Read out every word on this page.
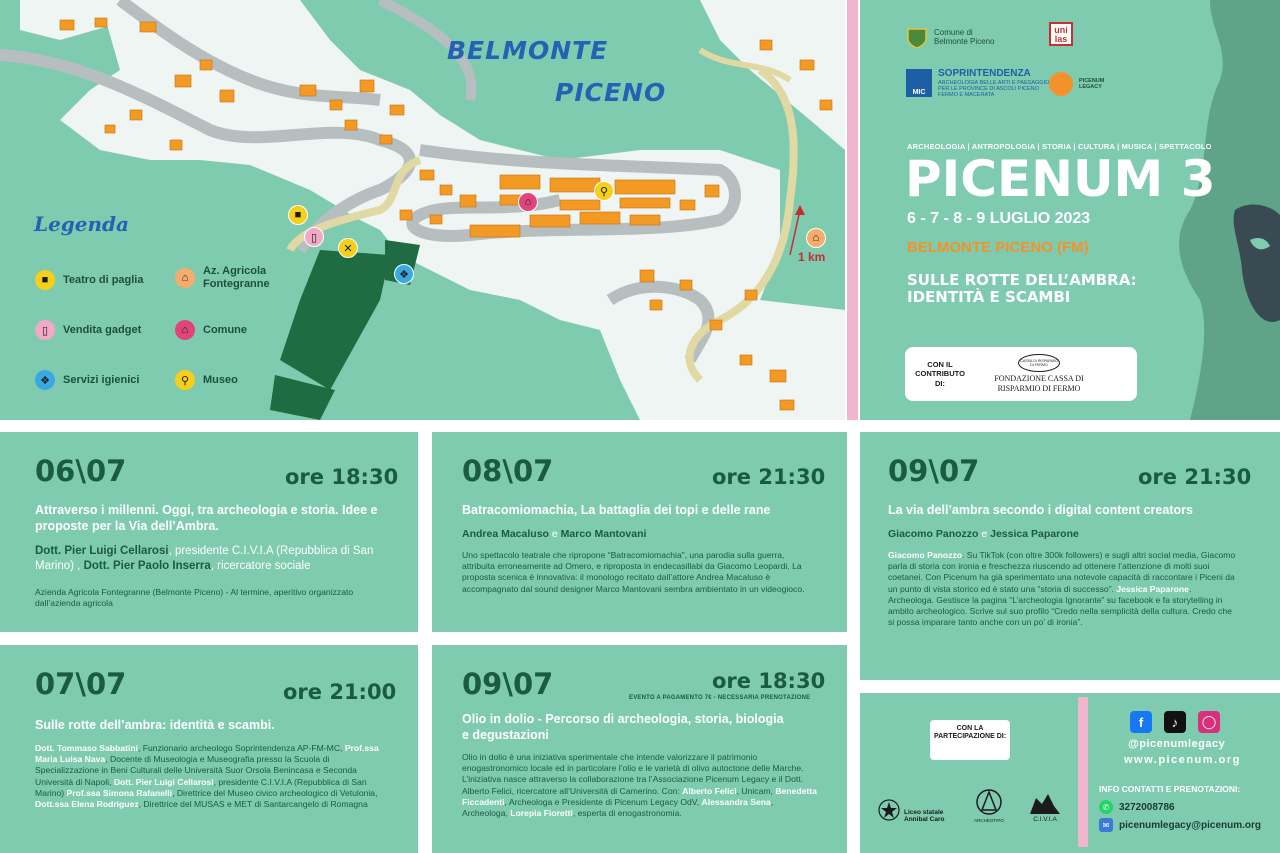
BELMONTE
PICENO
Legenda
■	Teatro di paglia	⌂
Az. Agricola Fontegranne
▯	Vendita gadget	⌂	Comune
❖	Servizi igienici	⚲	Museo
■
▯
✕
❖
⌂
⚲
⌂
1 km
Comune di Belmonte Piceno
uni las
MIC
SOPRINTENDENZA
ARCHEOLOGIA BELLE ARTI E PAESAGGIO PER LE PROVINCE DI ASCOLI PICENO FERMO E MACERATA
PICENUM LEGACY
ARCHEOLOGIA | ANTROPOLOGIA | STORIA | CULTURA | MUSICA | SPETTACOLO
PICENUM 3
6 - 7 - 8 - 9 LUGLIO 2023
BELMONTE PICENO (FM)
SULLE ROTTE DELL’AMBRA:
IDENTITÀ E SCAMBI
CON IL CONTRIBUTO DI:
CASSA DI RISPARMIO DI FERMO
FONDAZIONE CASSA DI RISPARMIO DI FERMO
06\07	ore 18:30
Attraverso i millenni. Oggi, tra archeologia e storia. Idee e proposte per la Via dell’Ambra.
Dott. Pier Luigi Cellarosi, presidente C.I.V.I.A (Repubblica di San Marino) , Dott. Pier Paolo Inserra, ricercatore sociale
Azienda Agricola Fontegranne (Belmonte Piceno) - Al termine, aperitivo organizzato dall’azienda agricola
07\07	ore 21:00
Sulle rotte dell’ambra: identità e scambi.
Dott. Tommaso Sabbatini, Funzionario archeologo Soprintendenza AP-FM-MC, Prof.ssa Maria Luisa Nava, Docente di Museologia e Museografia presso la Scuola di Specializzazione in Beni Culturali delle Università Suor Orsola Benincasa e Seconda Università di Napoli, Dott. Pier Luigi Cellarosi, presidente C.I.V.I.A (Repubblica di San Marino) Prof.ssa Simona Rafanelli, Direttrice del Museo civico archeologico di Vetulonia, Dott.ssa Elena Rodriguez, Direttrice del MUSAS e MET di Santarcangelo di Romagna
08\07	ore 21:30
Batracomiomachia, La battaglia dei topi e delle rane
Andrea Macaluso e Marco Mantovani
Uno spettacolo teatrale che ripropone “Batracomiomachia”, una parodia sulla guerra, attribuita erroneamente ad Omero, e riproposta in endecasillabi da Giacomo Leopardi. La proposta scenica è innovativa: il monologo recitato dall’attore Andrea Macaluso è accompagnato dal sound designer Marco Mantovani sembra ambientato in un videogioco.
09\07	ore 18:30
EVENTO A PAGAMENTO 7€ - NECESSARIA PRENOTAZIONE
Olio in dolio - Percorso di archeologia, storia, biologia e degustazioni
Olio in dolio è una iniziativa sperimentale che intende valorizzare il patrimonio enogastronomico locale ed in particolare l’olio e le varietà di olivo autoctone delle Marche. L’iniziativa nasce attraverso la collaborazione tra l’Associazione Picenum Legacy e il Dott. Alberto Felici, ricercatore all’Università di Camerino. Con: Alberto Felici, Unicam, Benedetta Ficcadenti, Archeologa e Presidente di Picenum Legacy OdV, Alessandra Sena, Archeologa, Lorepia Fioretti, esperta di enogastronomia.
09\07	ore 21:30
La via dell’ambra secondo i digital content creators
Giacomo Panozzo e Jessica Paparone
Giacomo Panozzo. Su TikTok (con oltre 300k followers) e sugli altri social media, Giacomo parla di storia con ironia e freschezza riuscendo ad ottenere l’attenzione di molti suoi coetanei. Con Picenum ha già sperimentato una notevole capacità di raccontare i Piceni da un punto di vista storico ed è stato una “storia di successo”. Jessica Paparone. Archeologa. Gestisce la pagina “L’archeologia Ignorante” su facebook e fa storytelling in ambito archeologico. Scrive sul suo profilo “Credo nella semplicità della cultura. Credo che si possa imparare tanto anche con un po’ di ironia”.
CON LA PARTECIPAZIONE DI:
Liceo statale Annibal Caro	ARCHEOTIPO	C.I.V.I.A
f	♪	◯
@picenumlegacy
www.picenum.org
INFO CONTATTI E PRENOTAZIONI:
✆ 3272008786
✉ picenumlegacy@picenum.org
